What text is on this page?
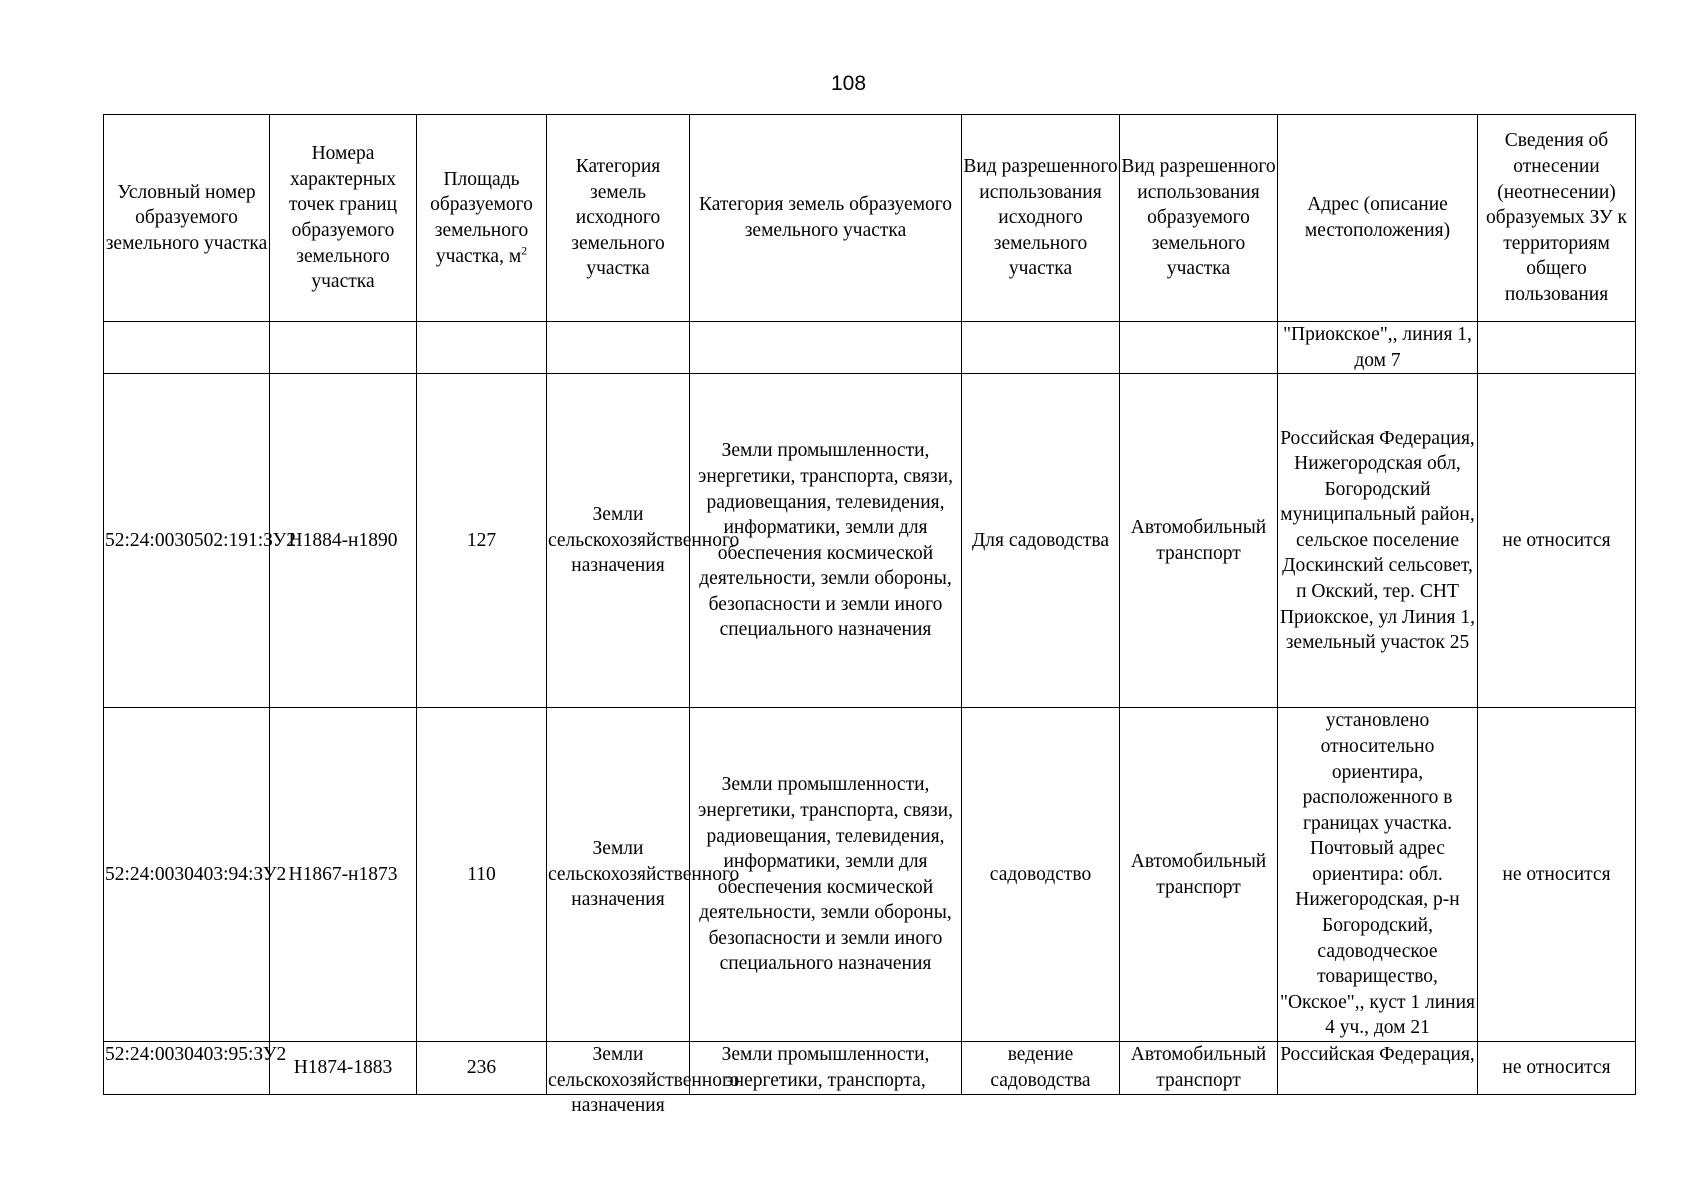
108
Условный номер образуемого земельного участка	Номера характерных точек границ образуемого земельного участка	Площадь образуемого земельного участка, $м^2$	Категория земель исходного земельного участка	Категория земель образуемого земельного участка	Вид разрешенного использования исходного земельного участка	Вид разрешенного использования образуемого земельного участка	Адрес (описание местоположения)	Сведения об отнесении (неотнесении) образуемых ЗУ к территориям общего пользования
							"Приокское",, линия 1, дом 7	
52:24:0030502:191:ЗУ2	Н1884-н1890	127	Земли сельскохозяйственного назначения	Земли промышленности, энергетики, транспорта, связи, радиовещания, телевидения, информатики, земли для обеспечения космической деятельности, земли обороны, безопасности и земли иного специального назначения	Для садоводства	Автомобильный транспорт	Российская Федерация, Нижегородская обл, Богородский муниципальный район, сельское поселение Доскинский сельсовет, п Окский, тер. СНТ Приокское, ул Линия 1, земельный участок 25	не относится
52:24:0030403:94:ЗУ2	Н1867-н1873	110	Земли сельскохозяйственного назначения	Земли промышленности, энергетики, транспорта, связи, радиовещания, телевидения, информатики, земли для обеспечения космической деятельности, земли обороны, безопасности и земли иного специального назначения	садоводство	Автомобильный транспорт	установлено относительно ориентира, расположенного в границах участка. Почтовый адрес ориентира: обл. Нижегородская, р-н Богородский, садоводческое товарищество, "Окское",, куст 1 линия 4 уч., дом 21	не относится

52:24:0030403:95:ЗУ2	Н1874-1883	236	Земли сельскохозяйственного назначения	Земли промышленности, энергетики, транспорта,	ведение садоводства	Автомобильный транспорт	Российская Федерация,	не относится
